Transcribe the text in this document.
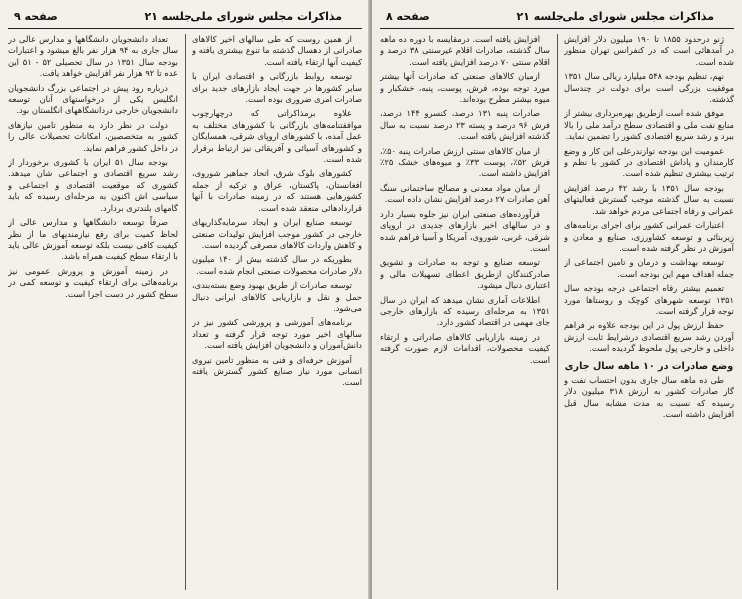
مذاکرات مجلس شورای ملی
جلسه ۲۱
صفحه ۹

از همین روست که طی سالهای اخیر کالاهای صادراتی از دهسال گذشته ما تنوع بیشتری یافته و کیفیت آنها ارتقاء یافته است.

توسعه روابط بازرگانی و اقتصادی ایران با سایر کشورها در جهت ایجاد بازارهای جدید برای صادرات امری ضروری بوده است.

علاوه برمذاکراتی که درچهارچوب موافقتنامه‌های بازرگانی با کشورهای مختلف به عمل آمده، با کشورهای اروپای شرقی، همسایگان و کشورهای آسیائی و آفریقائی نیز ارتباط برقرار شده است.

کشورهای بلوک شرق، اتحاد جماهیر شوروی، افغانستان، پاکستان، عراق و ترکیه از جمله کشورهایی هستند که در زمینه صادرات با آنها قراردادهائی منعقد شده است.

توسعه صنایع ایران و ایجاد سرمایه‌گذاریهای خارجی در کشور موجب افزایش تولیدات صنعتی و کاهش واردات کالاهای مصرفی گردیده است.

بطوریکه در سال گذشته بیش از ۱۴۰ میلیون دلار صادرات محصولات صنعتی انجام شده است.

توسعه صادرات از طریق بهبود وضع بسته‌بندی، حمل و نقل و بازاریابی کالاهای ایرانی دنبال می‌شود.

برنامه‌های آموزشی و پرورشی کشور نیز در سالهای اخیر مورد توجه قرار گرفته و تعداد دانش‌آموزان و دانشجویان افزایش یافته است.

آموزش حرفه‌ای و فنی به منظور تامین نیروی انسانی مورد نیاز صنایع کشور گسترش یافته است.

تعداد دانشجویان دانشگاهها و مدارس عالی در سال جاری به ۹۴ هزار نفر بالغ میشود و اعتبارات بودجه سال ۱۳۵۱ در سال تحصیلی ۵۲ - ۵۱ این عده تا ۹۲ هزار نفر افزایش خواهد یافت.

درباره رود پیش در اجتماعی بزرگ دانشجویان انگلیس یکی از درخواستهای آنان توسعه دانشجویان خارجی دردانشگاههای انگلستان بود.

دولت در نظر دارد به منظور تامین نیازهای کشور به متخصصین، امکانات تحصیلات عالی را در داخل کشور فراهم نماید.

بودجه سال ۵۱ ایران با کشوری برخوردار از رشد سریع اقتصادی و اجتماعی شان میدهد. کشوری که موقعیت اقتصادی و اجتماعی و سیاسی اش اکنون به مرحله‌ای رسیده که باید گامهای بلندتری بردارد.

صرفاً توسعه دانشگاهها و مدارس عالی از لحاظ کمیت برای رفع نیازمندیهای ما از نظر کیفیت کافی نیست بلکه توسعه آموزش عالی باید با ارتقاء سطح کیفیت همراه باشد.

در زمینه آموزش و پرورش عمومی نیز برنامه‌هائی برای ارتقاء کیفیت و توسعه کمی در سطح کشور در دست اجرا است.

مذاکرات مجلس شورای ملی
جلسه ۲۱
صفحه ۸

ژنو درحدود ۱۸۵۵ تا ۱۹۰ میلیون دلار افزایش در آمدهائی است که در کنفرانس تهران منظور شده است.

نهم، تنظیم بودجه ۵۴۸ میلیارد ریالی سال ۱۳۵۱ موفقیت بزرگی است برای دولت در چندسال گذشته.

موفق شده است ازطریق بهره‌برداری بیشتر از منابع نفت ملی و اقتصادی سطح درآمد ملی را بالا ببرد و رشد سریع اقتصادی کشور را تضمین نماید.

عمومیت این بودجه توازندرعلی این کار و وضع کارمندان و پاداش اقتصادی در کشور با نظم و ترتیب بیشتری تنظیم شده است.

بودجه سال ۱۳۵۱ با رشد ۴۲ درصد افزایش نسبت به سال گذشته موجب گسترش فعالیتهای عمرانی و رفاه اجتماعی مردم خواهد شد.

اعتبارات عمرانی کشور برای اجرای برنامه‌های زیربنائی و توسعه کشاورزی، صنایع و معادن و آموزش در نظر گرفته شده است.

توسعه بهداشت و درمان و تامین اجتماعی از جمله اهداف مهم این بودجه است.

تعمیم بیشتر رفاه اجتماعی درجه بودجه سال ۱۳۵۱ توسعه شهرهای کوچک و روستاها مورد توجه قرار گرفته است.

حفظ ارزش پول در این بودجه علاوه بر فراهم آوردن رشد سریع اقتصادی درشرایط ثابت ارزش داخلی و خارجی پول ملحوظ گردیده است.

وضع صادرات در ۱۰ ماهه سال جاری

طی ده ماهه سال جاری بدون احتساب نفت و گاز صادرات کشور به ارزش ۳۱۸ میلیون دلار رسیده که نسبت به مدت مشابه سال قبل افزایش داشته است.

افزایش یافته است. درمقایسه با دوره ده ماهه سال گذشته، صادرات اقلام غیرسنتی ۳۸ درصد و اقلام سنتی ۷۰ درصد افزایش یافته است.

ازمیان کالاهای صنعتی که صادرات آنها بیشتر مورد توجه بوده، فرش، پوست، پنبه، خشکبار و میوه بیشتر مطرح بوده‌اند.

صادرات پنبه ۱۳۱ درصد، کنسرو ۱۴۴ درصد، فرش ۹۶ درصد و پسته ۲۳ درصد نسبت به سال گذشته افزایش یافته است.

از میان کالاهای سنتی ارزش صادرات پنبه ۵۰٪، فرش ۵۲٪، پوست ۳۳٪ و میوه‌های خشک ۲۵٪ افزایش داشته است.

از میان مواد معدنی و مصالح ساختمانی سنگ آهن صادرات ۲۷ درصد افزایش نشان داده است.

فرآورده‌های صنعتی ایران نیز جلوه بسیار دارد و در سالهای اخیر بازارهای جدیدی در اروپای شرقی، غربی، شوروی، آمریکا و آسیا فراهم شده است.

توسعه صنایع و توجه به صادرات و تشویق صادرکنندگان ازطریق اعطای تسهیلات مالی و اعتباری دنبال میشود.

اطلاعات آماری نشان میدهد که ایران در سال ۱۳۵۱ به مرحله‌ای رسیده که بازارهای خارجی جای مهمی در اقتصاد کشور دارد.

در زمینه بازاریابی کالاهای صادراتی و ارتقاء کیفیت محصولات، اقدامات لازم صورت گرفته است.
